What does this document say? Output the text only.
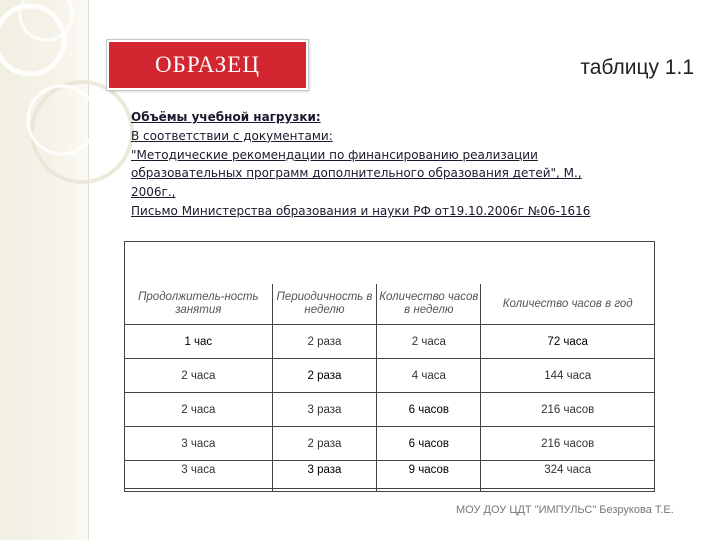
ОБРАЗЕЦ	таблицу 1.1
Объёмы учебной нагрузки:
В соответствии с документами:
"Методические рекомендации по финансированию реализации
образовательных программ дополнительного образования детей", М.,
2006г.,
Письмо Министерства образования и науки РФ от19.10.2006г №06-1616
Продолжитель-ность занятия	Периодичность в неделю	Количество часов в неделю	Количество часов в год
1 час	2 раза	2 часа	72 часа
2 часа	2 раза	4 часа	144 часа
2 часа	3 раза	6 часов	216 часов
3 часа	2 раза	6 часов	216 часов
3 часа	3 раза	9 часов	324 часа
МОУ ДОУ ЦДТ "ИМПУЛЬС" Безрукова Т.Е.
